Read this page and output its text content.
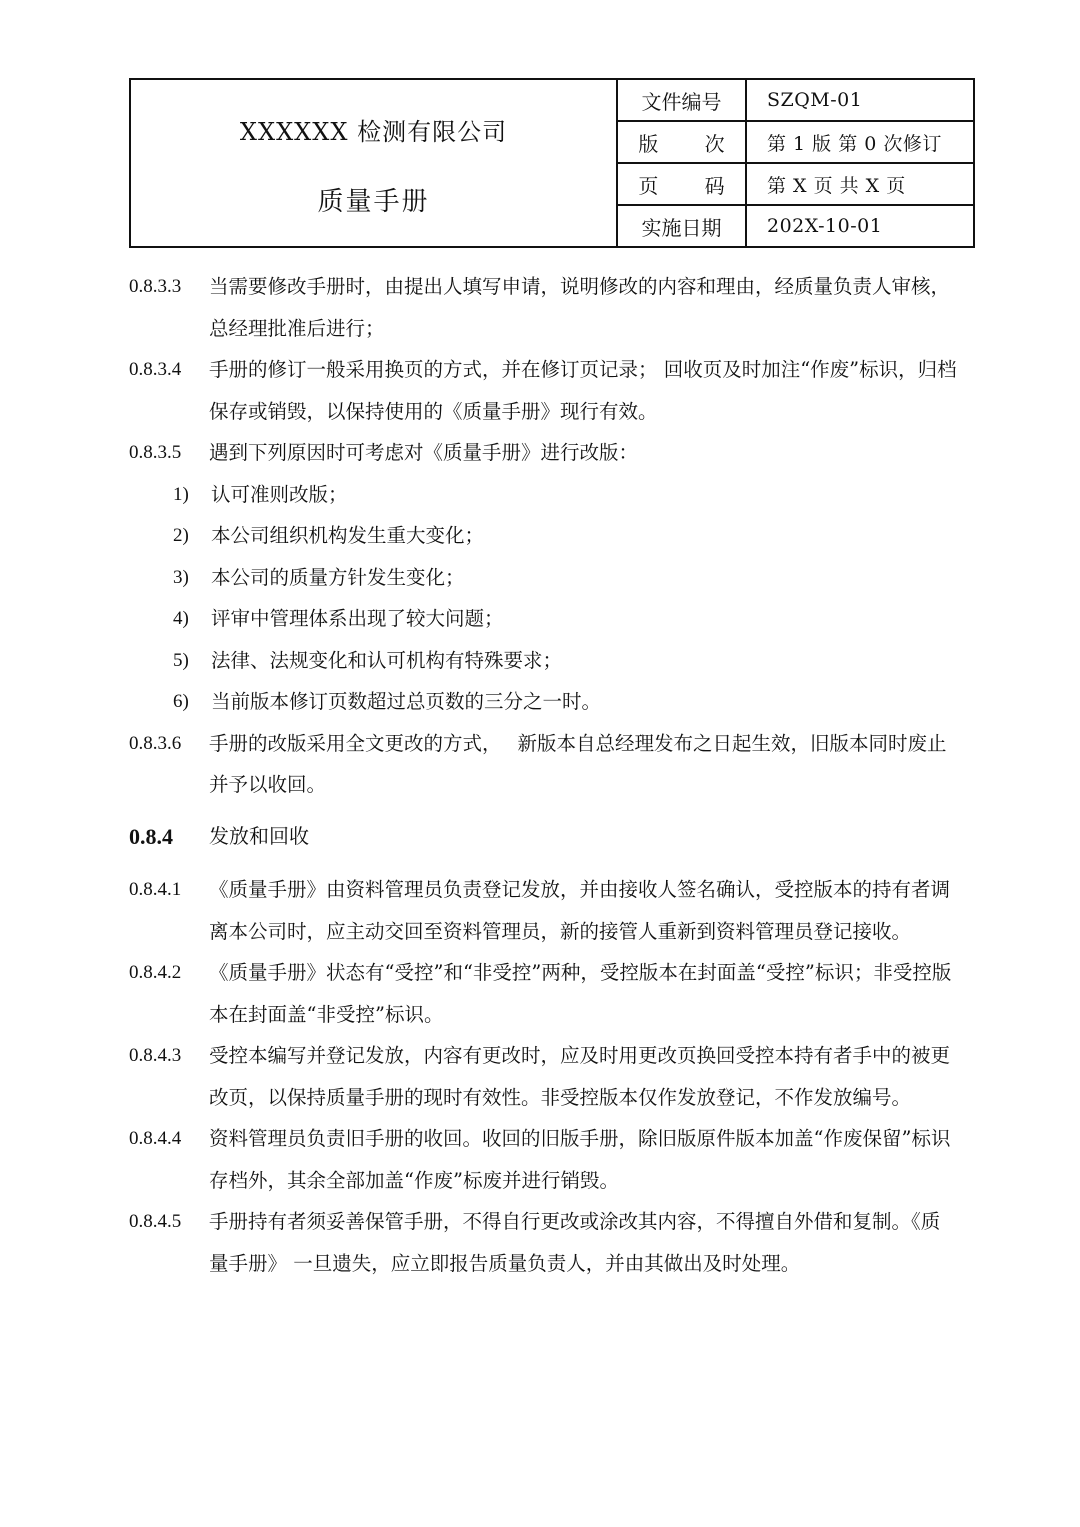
XXXXXX 检测有限公司
质量手册	文件编号	SZQM-01
	版 次	第 1 版 第 0 次修订
	页 码	第 X 页 共 X 页
	实施日期	202X-10-01

0.8.3.3 当需要修改手册时，由提出人填写申请，说明修改的内容和理由，经质量负责人审核，总经理批准后进行；

0.8.3.4 手册的修订一般采用换页的方式，并在修订页记录； 回收页及时加注“作废”标识，归档保存或销毁，以保持使用的《质量手册》现行有效。

0.8.3.5 遇到下列原因时可考虑对《质量手册》进行改版：

1) 认可准则改版；

2) 本公司组织机构发生重大变化；

3) 本公司的质量方针发生变化；

4) 评审中管理体系出现了较大问题；

5) 法律、法规变化和认可机构有特殊要求；

6) 当前版本修订页数超过总页数的三分之一时。

0.8.3.6 手册的改版采用全文更改的方式，　 新版本自总经理发布之日起生效，旧版本同时废止并予以收回。

0.8.4 发放和回收

0.8.4.1 《质量手册》由资料管理员负责登记发放，并由接收人签名确认，受控版本的持有者调离本公司时，应主动交回至资料管理员，新的接管人重新到资料管理员登记接收。

0.8.4.2 《质量手册》状态有“受控”和“非受控”两种，受控版本在封面盖“受控”标识；非受控版本在封面盖“非受控”标识。

0.8.4.3 受控本编写并登记发放，内容有更改时，应及时用更改页换回受控本持有者手中的被更改页，以保持质量手册的现时有效性。非受控版本仅作发放登记，不作发放编号。

0.8.4.4 资料管理员负责旧手册的收回。收回的旧版手册，除旧版原件版本加盖“作废保留”标识存档外，其余全部加盖“作废”标废并进行销毁。

0.8.4.5 手册持有者须妥善保管手册，不得自行更改或涂改其内容，不得擅自外借和复制。《质量手册》 一旦遗失，应立即报告质量负责人，并由其做出及时处理。
